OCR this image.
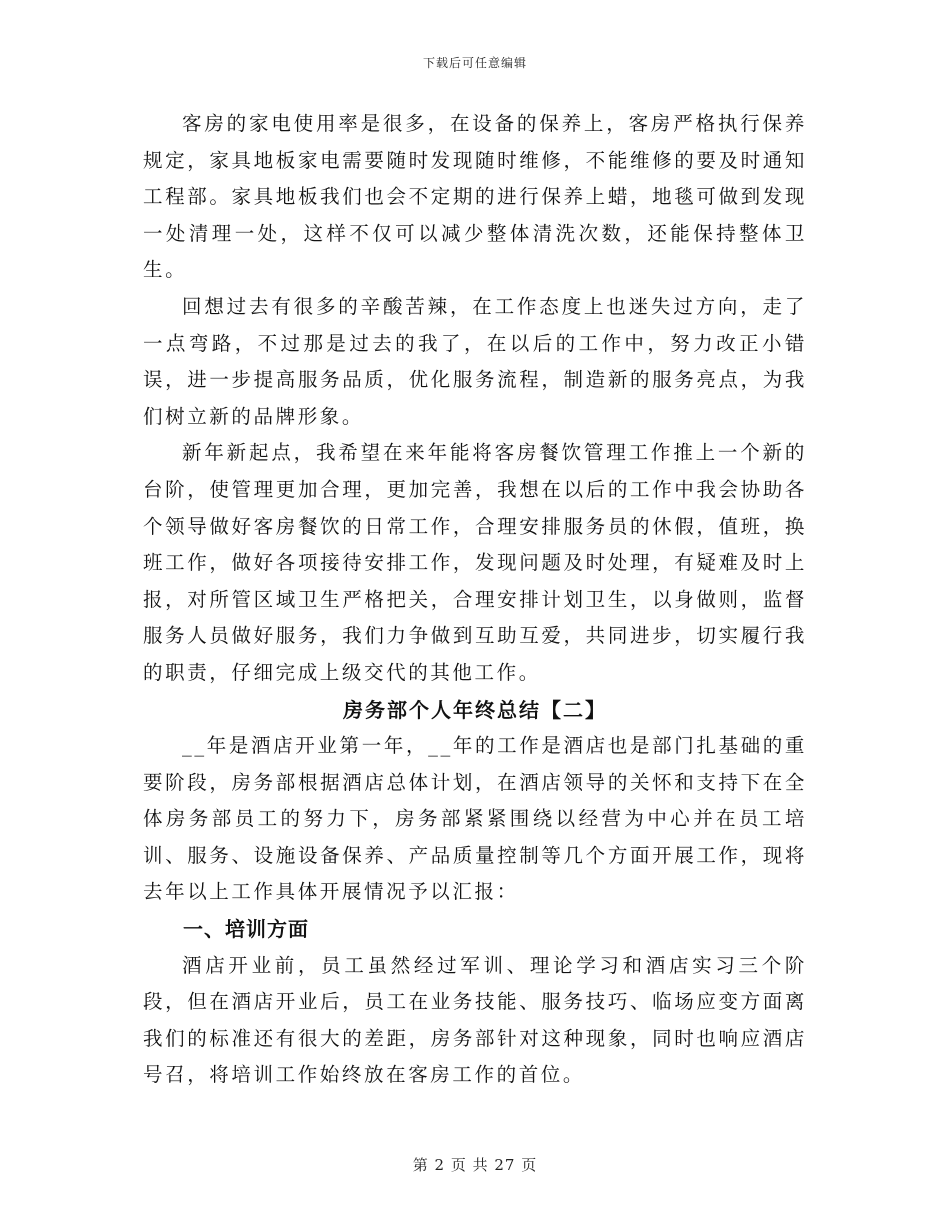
下载后可任意编辑

客房的家电使用率是很多，在设备的保养上，客房严格执行保养规定，家具地板家电需要随时发现随时维修，不能维修的要及时通知工程部。家具地板我们也会不定期的进行保养上蜡，地毯可做到发现一处清理一处，这样不仅可以减少整体清洗次数，还能保持整体卫生。

回想过去有很多的辛酸苦辣，在工作态度上也迷失过方向，走了一点弯路，不过那是过去的我了，在以后的工作中，努力改正小错误，进一步提高服务品质，优化服务流程，制造新的服务亮点，为我们树立新的品牌形象。

新年新起点，我希望在来年能将客房餐饮管理工作推上一个新的台阶，使管理更加合理，更加完善，我想在以后的工作中我会协助各个领导做好客房餐饮的日常工作，合理安排服务员的休假，值班，换班工作，做好各项接待安排工作，发现问题及时处理，有疑难及时上报，对所管区域卫生严格把关，合理安排计划卫生，以身做则，监督服务人员做好服务，我们力争做到互助互爱，共同进步，切实履行我的职责，仔细完成上级交代的其他工作。

房务部个人年终总结【二】

__年是酒店开业第一年，__年的工作是酒店也是部门扎基础的重要阶段，房务部根据酒店总体计划，在酒店领导的关怀和支持下在全体房务部员工的努力下，房务部紧紧围绕以经营为中心并在员工培训、服务、设施设备保养、产品质量控制等几个方面开展工作，现将去年以上工作具体开展情况予以汇报：

一、培训方面

酒店开业前，员工虽然经过军训、理论学习和酒店实习三个阶段，但在酒店开业后，员工在业务技能、服务技巧、临场应变方面离我们的标准还有很大的差距，房务部针对这种现象，同时也响应酒店号召，将培训工作始终放在客房工作的首位。

第 2 页 共 27 页
